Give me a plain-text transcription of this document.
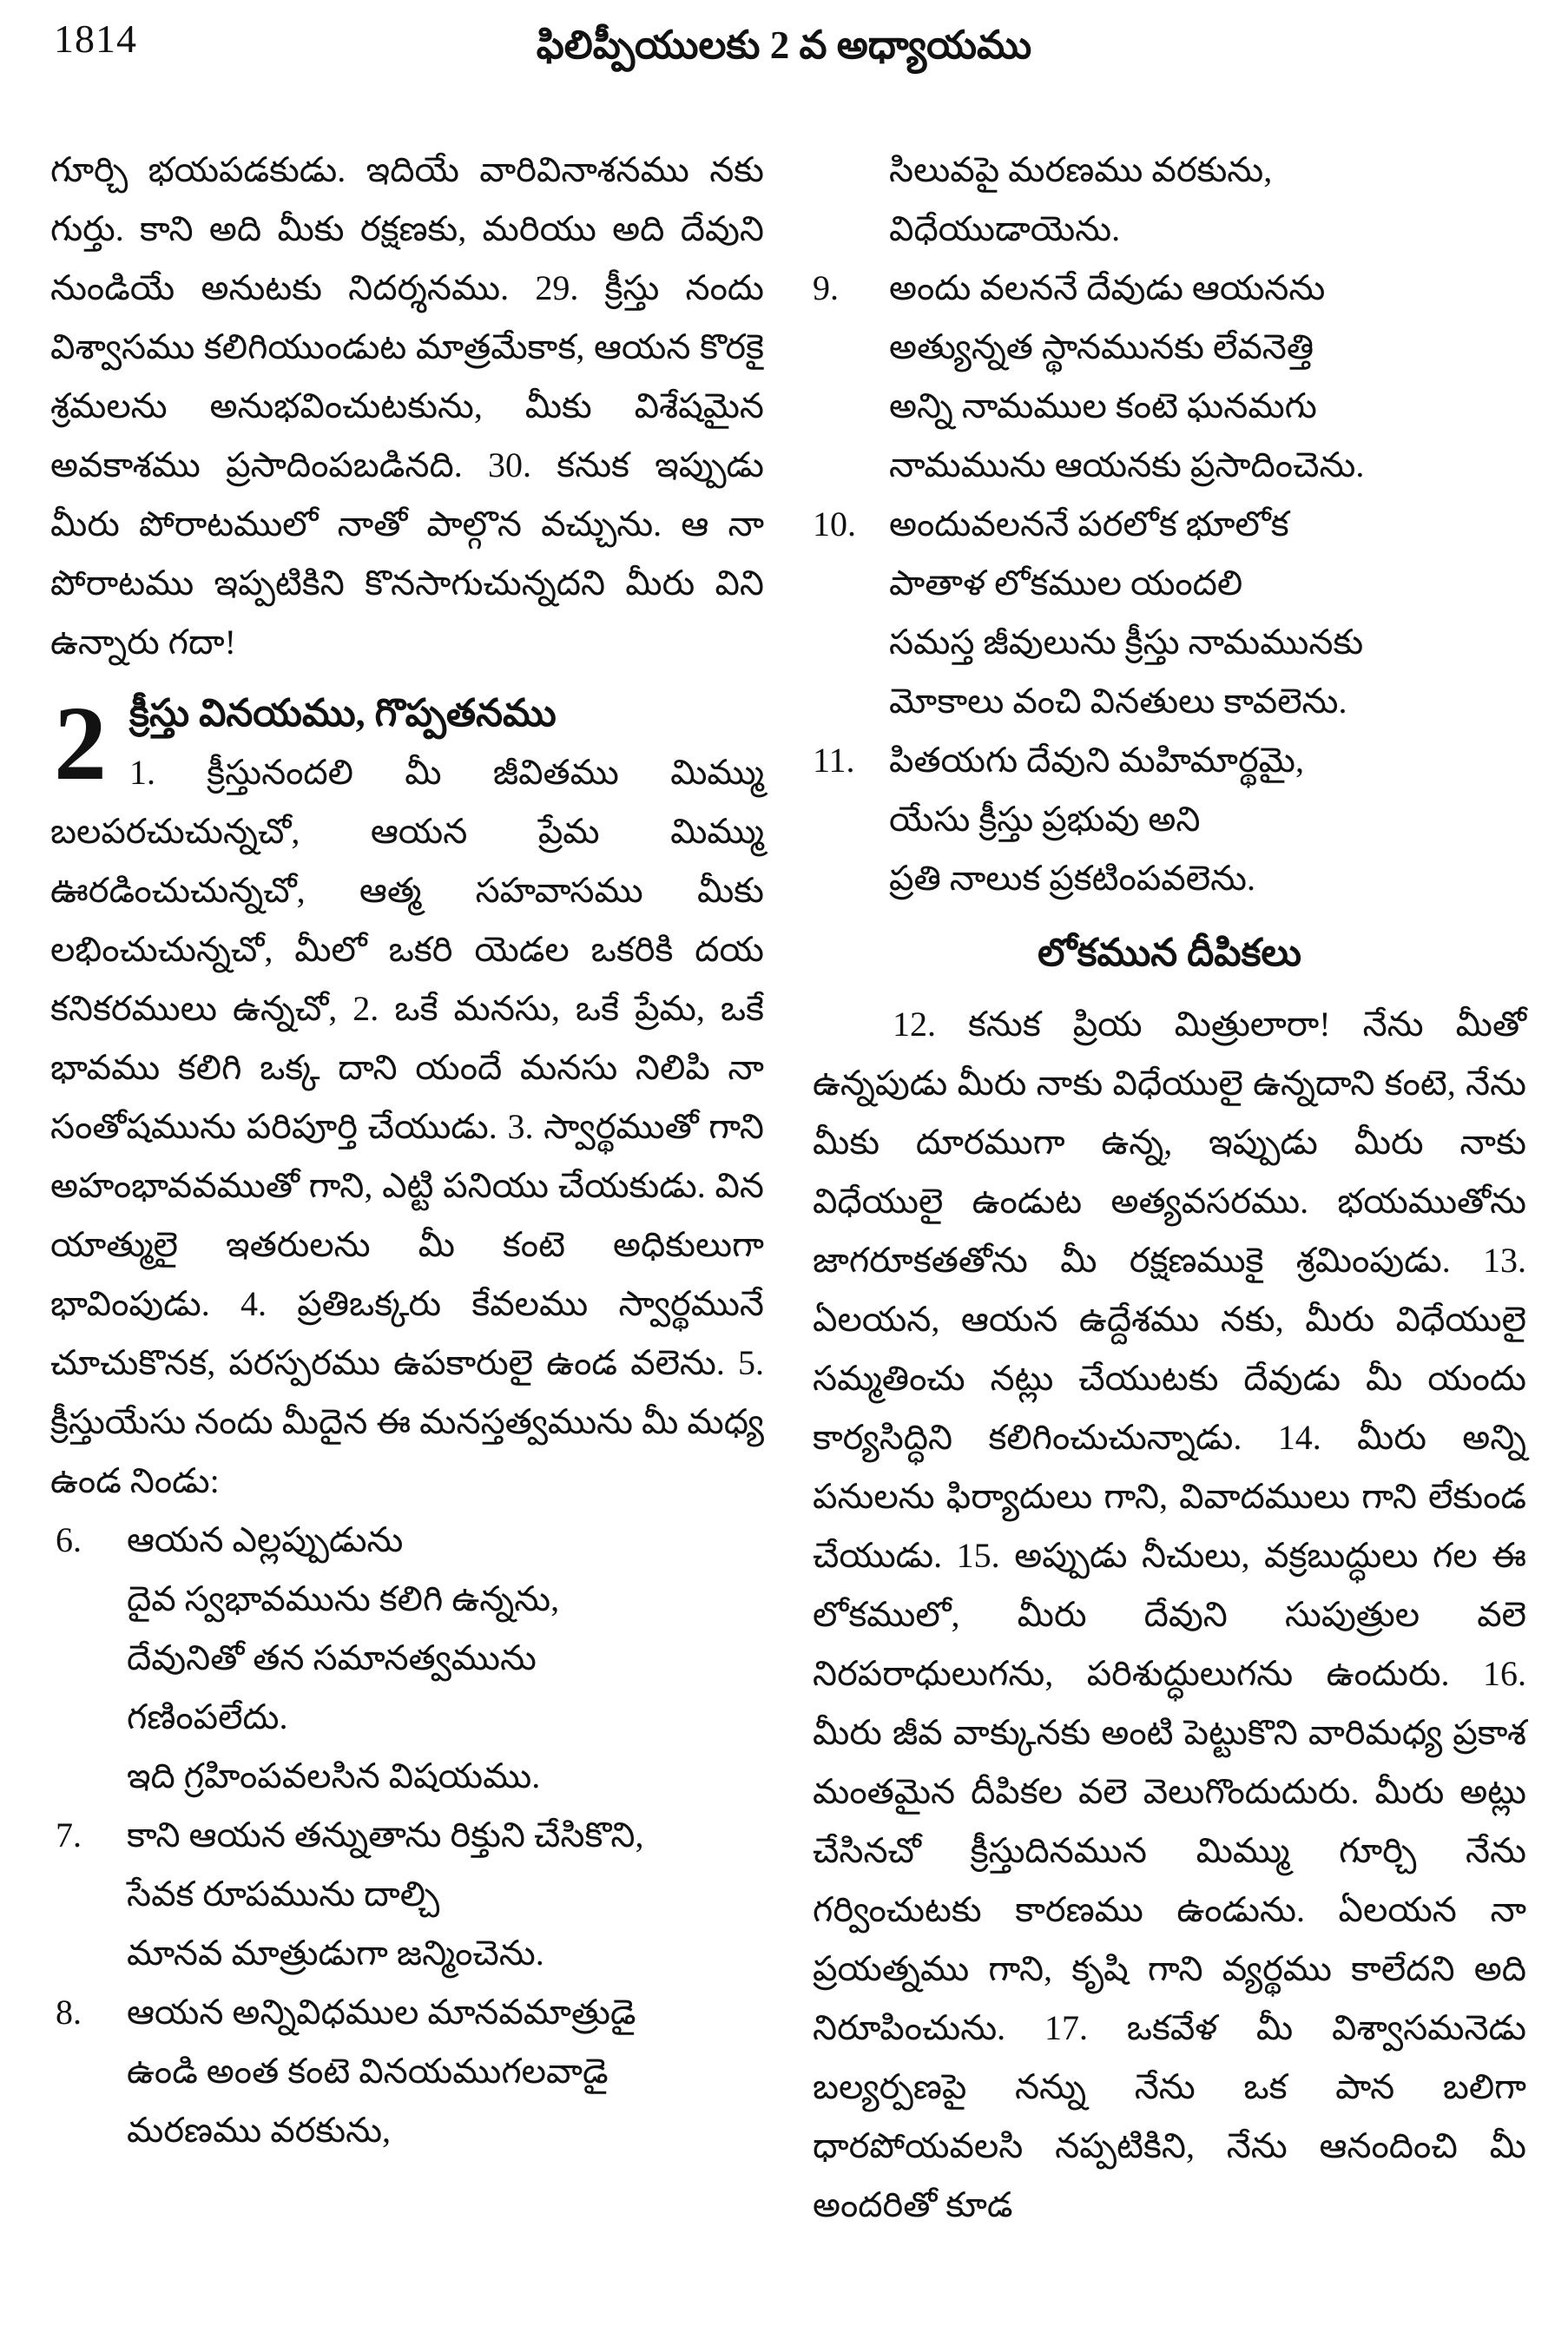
1814	ఫిలిప్పీయులకు 2 వ అధ్యాయము

గూర్చి భయపడకుడు. ఇదియే వారివినాశనము నకు గుర్తు. కాని అది మీకు రక్షణకు, మరియు అది దేవుని నుండియే అనుటకు నిదర్శనము. 29. క్రీస్తు నందు విశ్వాసము కలిగియుండుట మాత్రమేకాక, ఆయన కొరకై శ్రమలను అనుభవించుటకును, మీకు విశేషమైన అవకాశము ప్రసాదింపబడినది. 30. కనుక ఇప్పుడు మీరు పోరాటములో నాతో పాల్గొన వచ్చును. ఆ నా పోరాటము ఇప్పటికిని కొనసాగుచున్నదని మీరు విని ఉన్నారు గదా!

2 క్రీస్తు వినయము, గొప్పతనము

1. క్రీస్తునందలి మీ జీవితము మిమ్ము బలపరచుచున్నచో, ఆయన ప్రేమ మిమ్ము ఊరడించుచున్నచో, ఆత్మ సహవాసము మీకు లభించుచున్నచో, మీలో ఒకరి యెడల ఒకరికి దయ కనికరములు ఉన్నచో, 2. ఒకే మనసు, ఒకే ప్రేమ, ఒకే భావము కలిగి ఒక్క దాని యందే మనసు నిలిపి నా సంతోషమును పరిపూర్తి చేయుడు. 3. స్వార్థముతో గాని అహంభావవముతో గాని, ఎట్టి పనియు చేయకుడు. విన యాత్ములై ఇతరులను మీ కంటె అధికులుగా భావింపుడు. 4. ప్రతిఒక్కరు కేవలము స్వార్థమునే చూచుకొనక, పరస్పరము ఉపకారులై ఉండ వలెను. 5. క్రీస్తుయేసు నందు మీదైన ఈ మనస్తత్వమును మీ మధ్య ఉండ నిండు:

6. ఆయన ఎల్లప్పుడును
దైవ స్వభావమును కలిగి ఉన్నను,
దేవునితో తన సమానత్వమును
గణింపలేదు.
ఇది గ్రహింపవలసిన విషయము.
7. కాని ఆయన తన్నుతాను రిక్తుని చేసికొని,
సేవక రూపమును దాల్చి
మానవ మాత్రుడుగా జన్మించెను.
8. ఆయన అన్నివిధముల మానవమాత్రుడై
ఉండి అంత కంటె వినయముగలవాడై
మరణము వరకును,
సిలువపై మరణము వరకును,
విధేయుడాయెను.
9. అందు వలననే దేవుడు ఆయనను
అత్యున్నత స్థానమునకు లేవనెత్తి
అన్ని నామముల కంటె ఘనమగు
నామమును ఆయనకు ప్రసాదించెను.
10. అందువలననే పరలోక భూలోక
పాతాళ లోకముల యందలి
సమస్త జీవులును క్రీస్తు నామమునకు
మోకాలు వంచి వినతులు కావలెను.
11. పితయగు దేవుని మహిమార్థమై,
యేసు క్రీస్తు ప్రభువు అని
ప్రతి నాలుక ప్రకటింపవలెను.
లోకమున దీపికలు

12. కనుక ప్రియ మిత్రులారా! నేను మీతో ఉన్నపుడు మీరు నాకు విధేయులై ఉన్నదాని కంటె, నేను మీకు దూరముగా ఉన్న, ఇప్పుడు మీరు నాకు విధేయులై ఉండుట అత్యవసరము. భయముతోను జాగరూకతతోను మీ రక్షణముకై శ్రమింపుడు. 13. ఏలయన, ఆయన ఉద్దేశము నకు, మీరు విధేయులై సమ్మతించు నట్లు చేయుటకు దేవుడు మీ యందు కార్యసిద్ధిని కలిగించుచున్నాడు. 14. మీరు అన్ని పనులను ఫిర్యాదులు గాని, వివాదములు గాని లేకుండ చేయుడు. 15. అప్పుడు నీచులు, వక్రబుద్ధులు గల ఈ లోకములో, మీరు దేవుని సుపుత్రుల వలె నిరపరాధులుగను, పరిశుద్ధులుగను ఉందురు. 16. మీరు జీవ వాక్కునకు అంటి పెట్టుకొని వారిమధ్య ప్రకాశ మంతమైన దీపికల వలె వెలుగొందుదురు. మీరు అట్లు చేసినచో క్రీస్తుదినమున మిమ్ము గూర్చి నేను గర్వించుటకు కారణము ఉండును. ఏలయన నా ప్రయత్నము గాని, కృషి గాని వ్యర్థము కాలేదని అది నిరూపించును. 17. ఒకవేళ మీ విశ్వాసమనెడు బల్యర్పణపై నన్ను నేను ఒక పాన బలిగా ధారపోయవలసి నప్పటికిని, నేను ఆనందించి మీ అందరితో కూడ
